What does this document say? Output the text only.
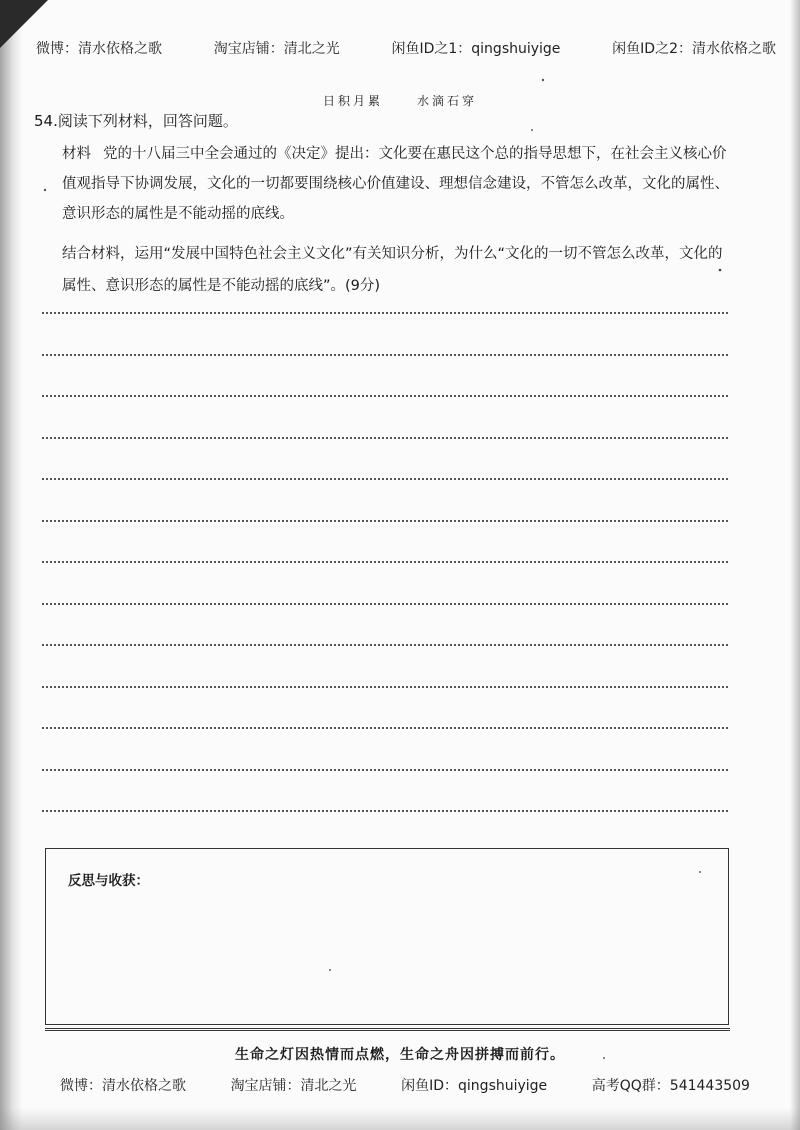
微博：清水依格之歌	淘宝店铺：清北之光	闲鱼ID之1：qingshuiyige	闲鱼ID之2：清水依格之歌
日积月累	水滴石穿
54.阅读下列材料，回答问题。
材料 党的十八届三中全会通过的《决定》提出：文化要在惠民这个总的指导思想下，在社会主义核心价值观指导下协调发展，文化的一切都要围绕核心价值建设、理想信念建设，不管怎么改革，文化的属性、意识形态的属性是不能动摇的底线。
结合材料，运用“发展中国特色社会主义文化”有关知识分析，为什么“文化的一切不管怎么改革，文化的属性、意识形态的属性是不能动摇的底线”。(9分)
反思与收获：
生命之灯因热情而点燃，生命之舟因拼搏而前行。
微博：清水依格之歌	淘宝店铺：清北之光	闲鱼ID：qingshuiyige	高考QQ群：541443509
